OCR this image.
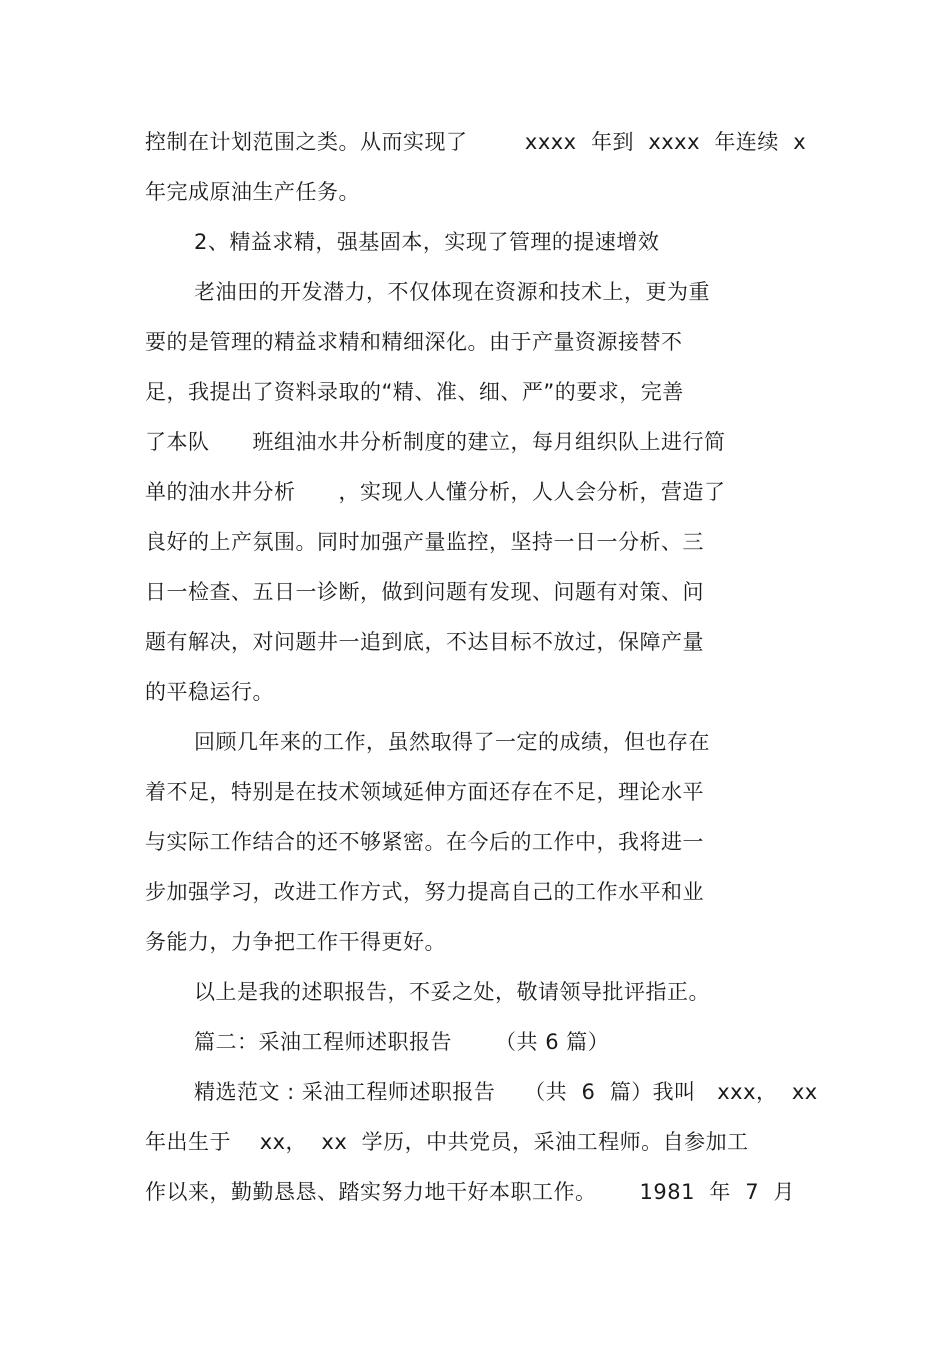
控制在计划范围之类。从而实现了        xxxx  年到  xxxx  年连续  x

年完成原油生产任务。

2、精益求精，强基固本，实现了管理的提速增效

老油田的开发潜力，不仅体现在资源和技术上，更为重

要的是管理的精益求精和精细深化。由于产量资源接替不

足，我提出了资料录取的“精、准、细、严”的要求，完善

了本队      班组油水井分析制度的建立，每月组织队上进行简

单的油水井分析      ，实现人人懂分析，人人会分析，营造了

良好的上产氛围。同时加强产量监控，坚持一日一分析、三

日一检查、五日一诊断，做到问题有发现、问题有对策、问

题有解决，对问题井一追到底，不达目标不放过，保障产量

的平稳运行。

回顾几年来的工作，虽然取得了一定的成绩，但也存在

着不足，特别是在技术领域延伸方面还存在不足，理论水平

与实际工作结合的还不够紧密。在今后的工作中，我将进一

步加强学习，改进工作方式，努力提高自己的工作水平和业

务能力，力争把工作干得更好。

以上是我的述职报告，不妥之处，敬请领导批评指正。

篇二：采油工程师述职报告      （共 6 篇）

精选范文 : 采油工程师述职报告    （共  6  篇）我叫   xxx，  xx

年出生于    xx，  xx  学历，中共党员，采油工程师。自参加工

作以来，勤勤恳恳、踏实努力地干好本职工作。      1981  年  7  月
